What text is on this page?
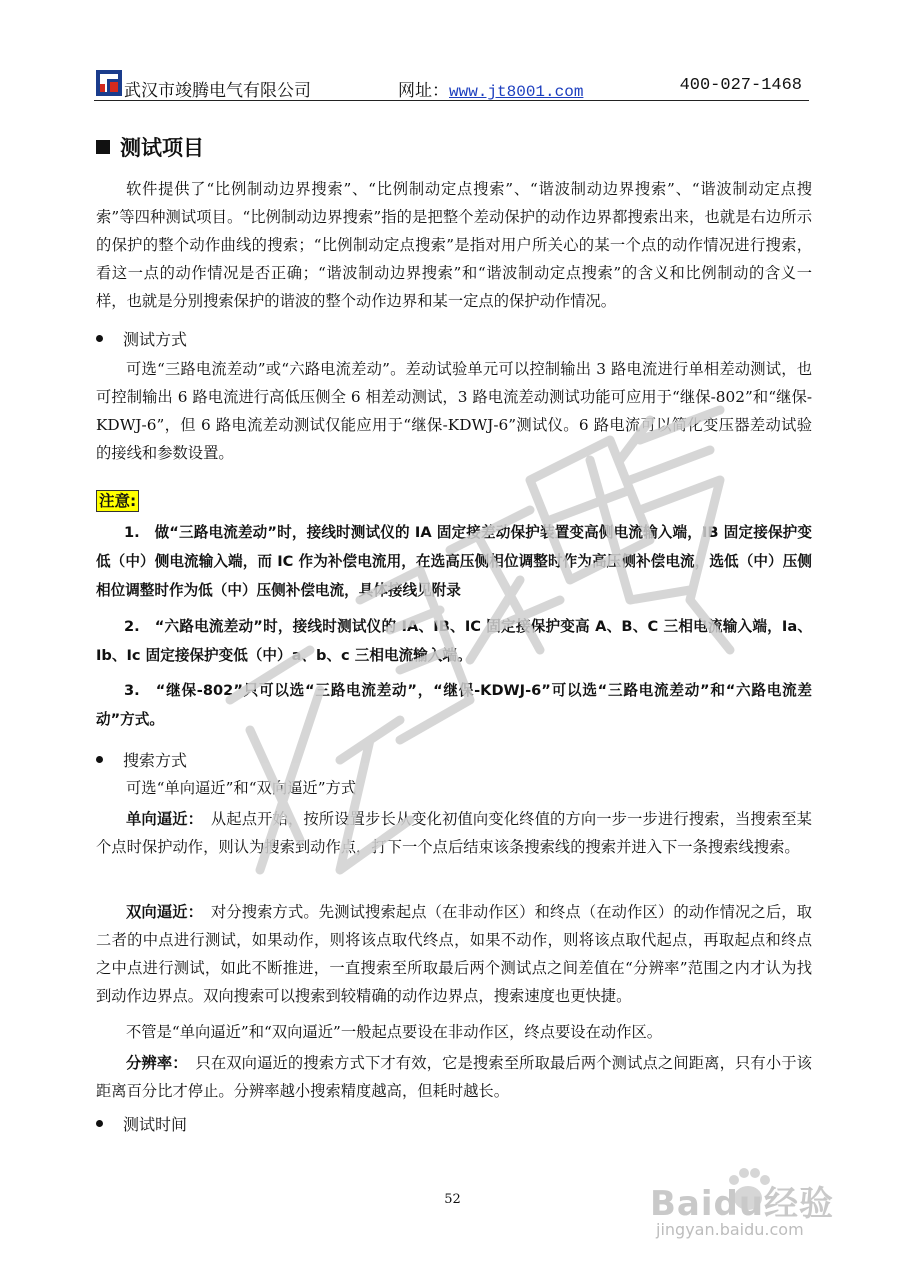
武汉市竣腾电气有限公司	网址：www.jt8001.com	400-027-1468
测试项目
软件提供了“比例制动边界搜索”、“比例制动定点搜索”、“谐波制动边界搜索”、“谐波制动定点搜索”等四种测试项目。“比例制动边界搜索”指的是把整个差动保护的动作边界都搜索出来，也就是右边所示的保护的整个动作曲线的搜索；“比例制动定点搜索”是指对用户所关心的某一个点的动作情况进行搜索，看这一点的动作情况是否正确；“谐波制动边界搜索”和“谐波制动定点搜索”的含义和比例制动的含义一样，也就是分别搜索保护的谐波的整个动作边界和某一定点的保护动作情况。
测试方式
可选“三路电流差动”或“六路电流差动”。差动试验单元可以控制输出 3 路电流进行单相差动测试，也可控制输出 6 路电流进行高低压侧全 6 相差动测试，3 路电流差动测试功能可应用于“继保-802”和“继保-KDWJ-6”，但 6 路电流差动测试仅能应用于“继保-KDWJ-6”测试仪。6 路电流可以简化变压器差动试验的接线和参数设置。
注意:
1.　做“三路电流差动”时，接线时测试仪的 IA 固定接差动保护装置变高侧电流输入端，IB 固定接保护变低（中）侧电流输入端，而 IC 作为补偿电流用，在选高压侧相位调整时作为高压侧补偿电流，选低（中）压侧相位调整时作为低（中）压侧补偿电流，具体接线见附录
2.　“六路电流差动”时，接线时测试仪的 IA、IB、IC 固定接保护变高 A、B、C 三相电流输入端，Ia、Ib、Ic 固定接保护变低（中）a、b、c 三相电流输入端。
3.　“继保-802”只可以选“三路电流差动”，“继保-KDWJ-6”可以选“三路电流差动”和“六路电流差动”方式。
搜索方式
可选“单向逼近”和“双向逼近”方式
单向逼近：　 从起点开始，按所设置步长从变化初值向变化终值的方向一步一步进行搜索，当搜索至某个点时保护动作，则认为搜索到动作点，打下一个点后结束该条搜索线的搜索并进入下一条搜索线搜索。
双向逼近：　 对分搜索方式。先测试搜索起点（在非动作区）和终点（在动作区）的动作情况之后，取二者的中点进行测试，如果动作，则将该点取代终点，如果不动作，则将该点取代起点，再取起点和终点之中点进行测试，如此不断推进，一直搜索至所取最后两个测试点之间差值在“分辨率”范围之内才认为找到动作边界点。双向搜索可以搜索到较精确的动作边界点，搜索速度也更快捷。
不管是“单向逼近”和“双向逼近”一般起点要设在非动作区，终点要设在动作区。
分辨率：　 只在双向逼近的搜索方式下才有效，它是搜索至所取最后两个测试点之间距离，只有小于该距离百分比才停止。分辨率越小搜索精度越高，但耗时越长。
测试时间
52	Baidu经验
jingyan.baidu.com
